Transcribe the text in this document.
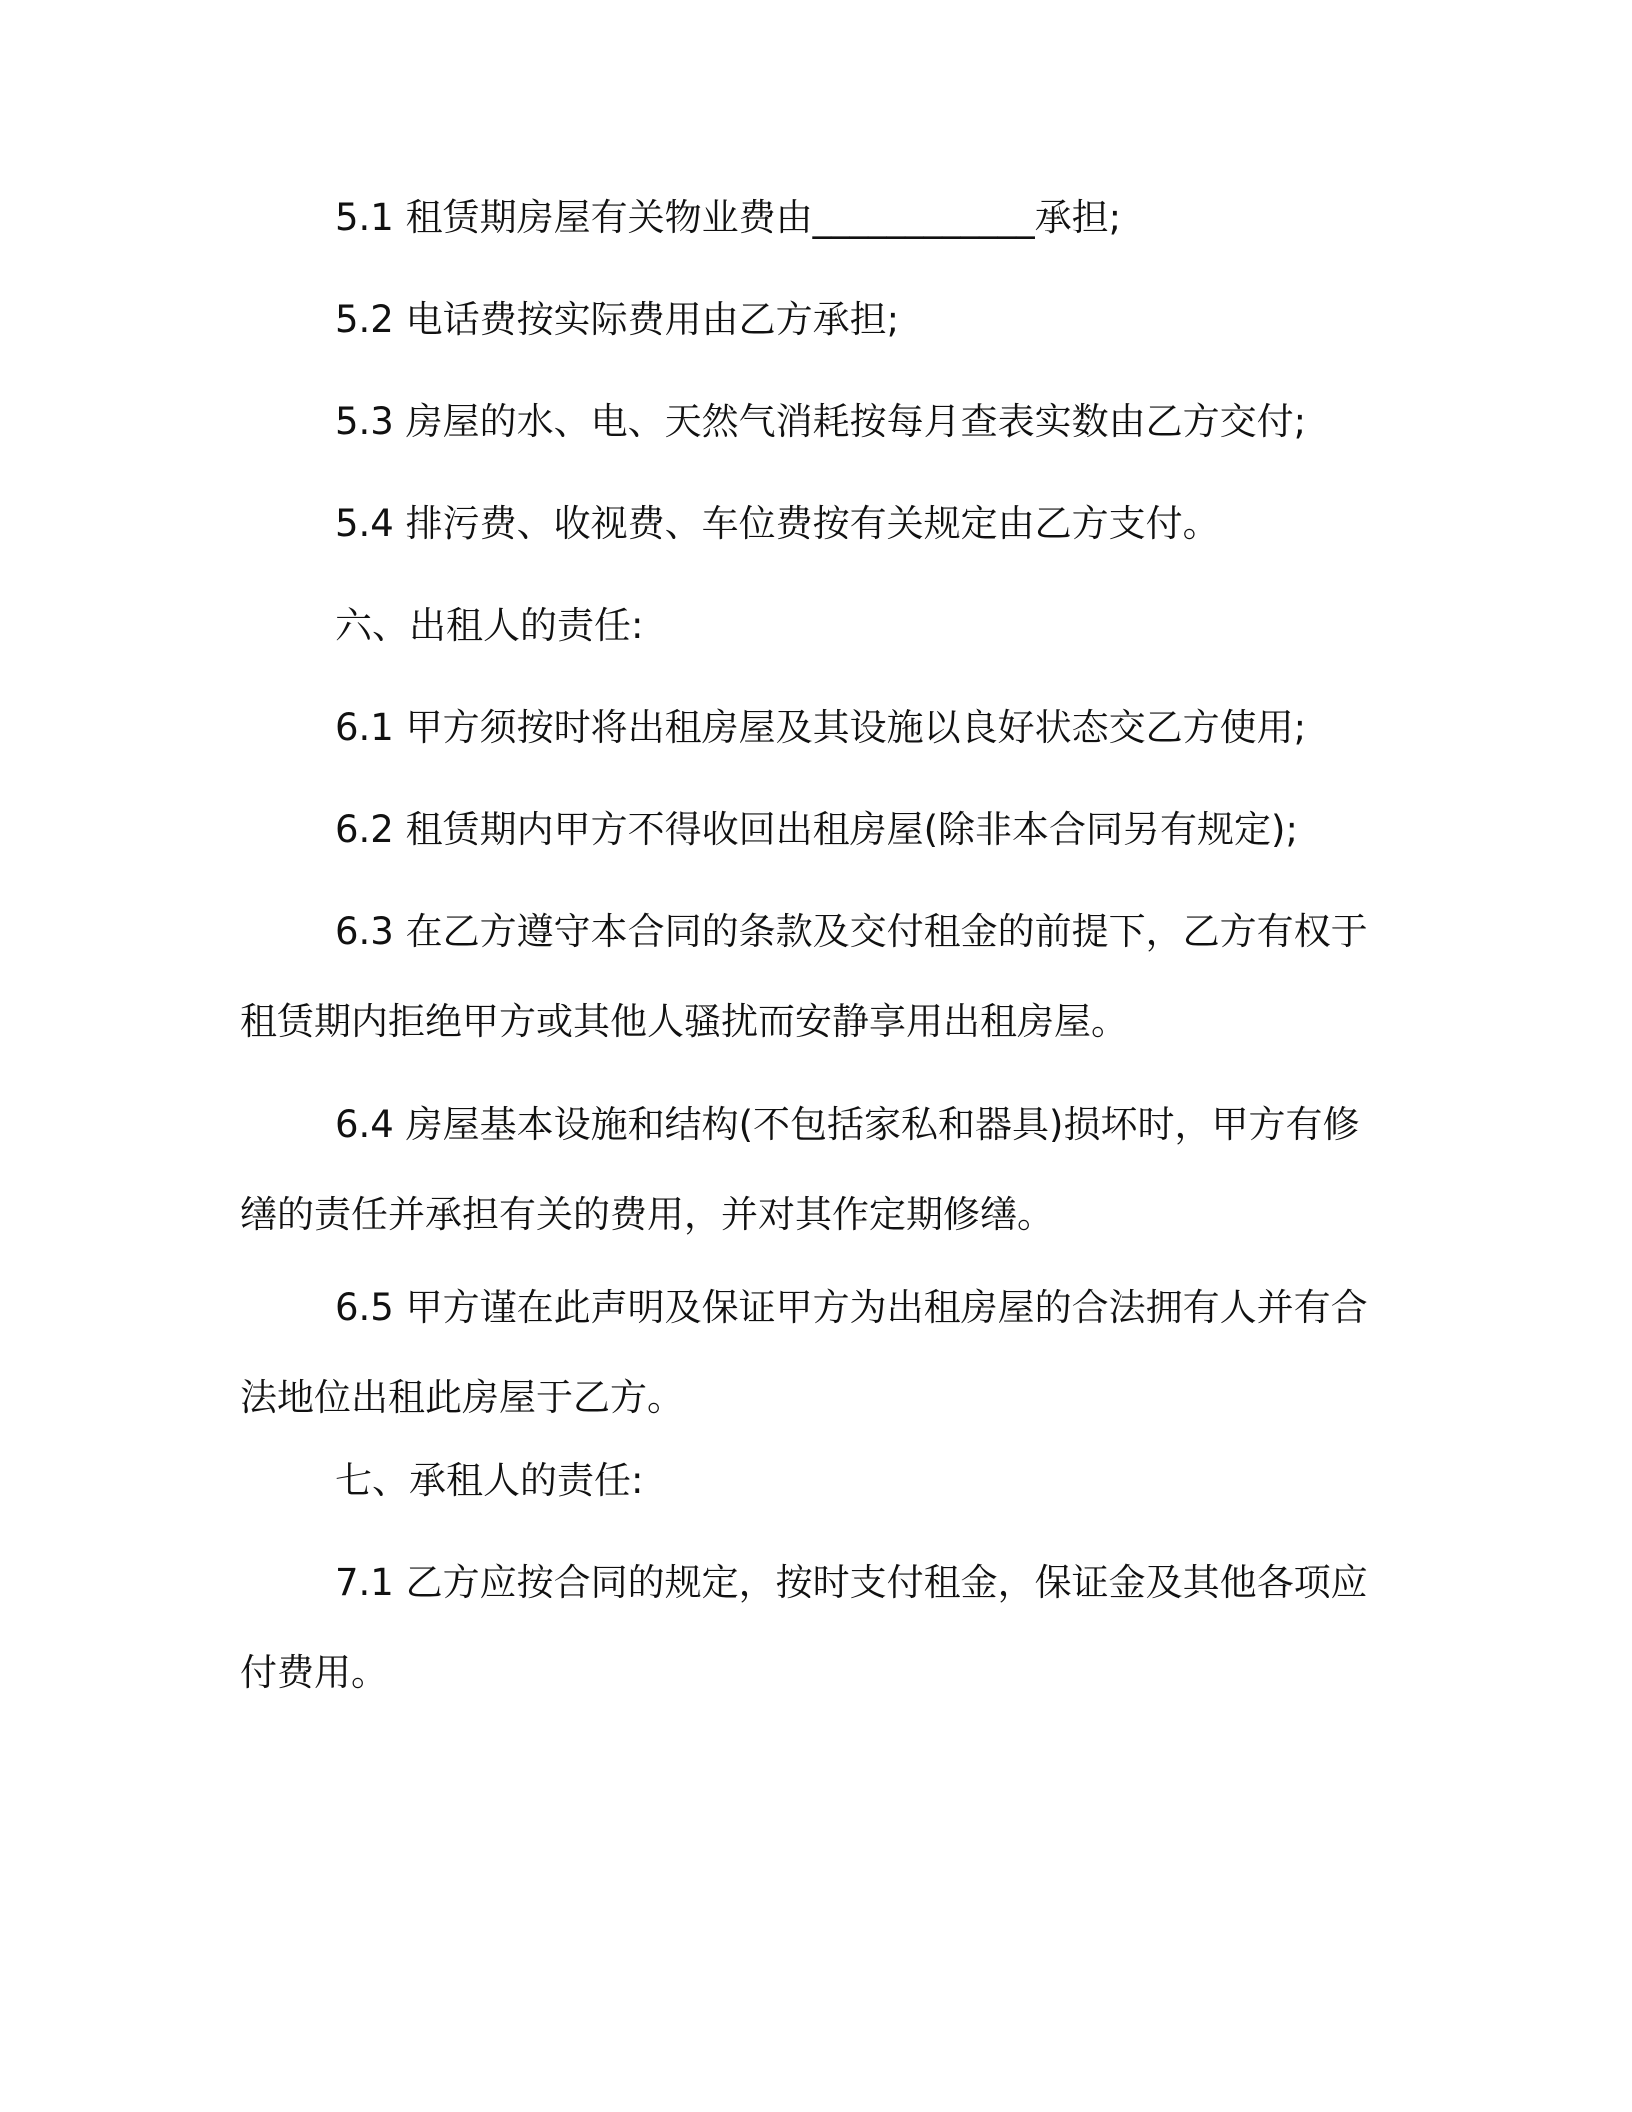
5.1 租赁期房屋有关物业费由____________承担;

5.2 电话费按实际费用由乙方承担;

5.3 房屋的水、电、天然气消耗按每月查表实数由乙方交付;

5.4 排污费、收视费、车位费按有关规定由乙方支付。

六、出租人的责任:

6.1 甲方须按时将出租房屋及其设施以良好状态交乙方使用;

6.2 租赁期内甲方不得收回出租房屋(除非本合同另有规定);

6.3 在乙方遵守本合同的条款及交付租金的前提下，乙方有权于租赁期内拒绝甲方或其他人骚扰而安静享用出租房屋。

6.4 房屋基本设施和结构(不包括家私和器具)损坏时，甲方有修缮的责任并承担有关的费用，并对其作定期修缮。

6.5 甲方谨在此声明及保证甲方为出租房屋的合法拥有人并有合法地位出租此房屋于乙方。

七、承租人的责任:

7.1 乙方应按合同的规定，按时支付租金，保证金及其他各项应付费用。
